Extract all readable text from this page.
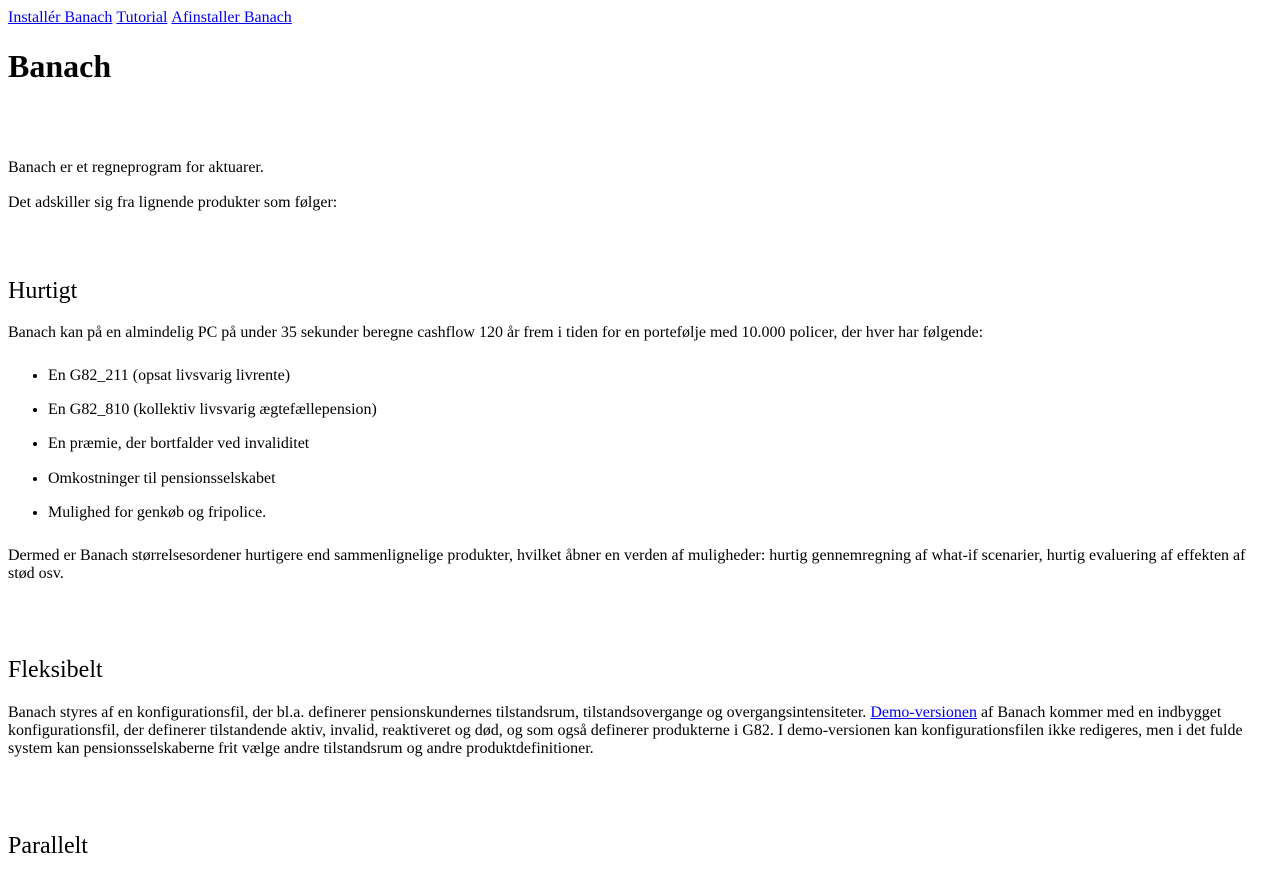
Installér Banach Tutorial Afinstaller Banach
Banach

Banach er et regneprogram for aktuarer.

Det adskiller sig fra lignende produkter som følger:

Hurtigt

Banach kan på en almindelig PC på under 35 sekunder beregne cashflow 120 år frem i tiden for en portefølje med 10.000 policer, der hver har følgende:

• En G82_211 (opsat livsvarig livrente)
• En G82_810 (kollektiv livsvarig ægtefællepension)
• En præmie, der bortfalder ved invaliditet
• Omkostninger til pensionsselskabet
• Mulighed for genkøb og fripolice.

Dermed er Banach størrelsesordener hurtigere end sammenlignelige produkter, hvilket åbner en verden af muligheder: hurtig gennemregning af what-if scenarier, hurtig evaluering af effekten af stød osv.

Fleksibelt

Banach styres af en konfigurationsfil, der bl.a. definerer pensionskundernes tilstandsrum, tilstandsovergange og overgangsintensiteter. Demo-versionen af Banach kommer med en indbygget konfigurationsfil, der definerer tilstandende aktiv, invalid, reaktiveret og død, og som også definerer produkterne i G82. I demo-versionen kan konfigurationsfilen ikke redigeres, men i det fulde system kan pensionsselskaberne frit vælge andre tilstandsrum og andre produktdefinitioner.

Parallelt
